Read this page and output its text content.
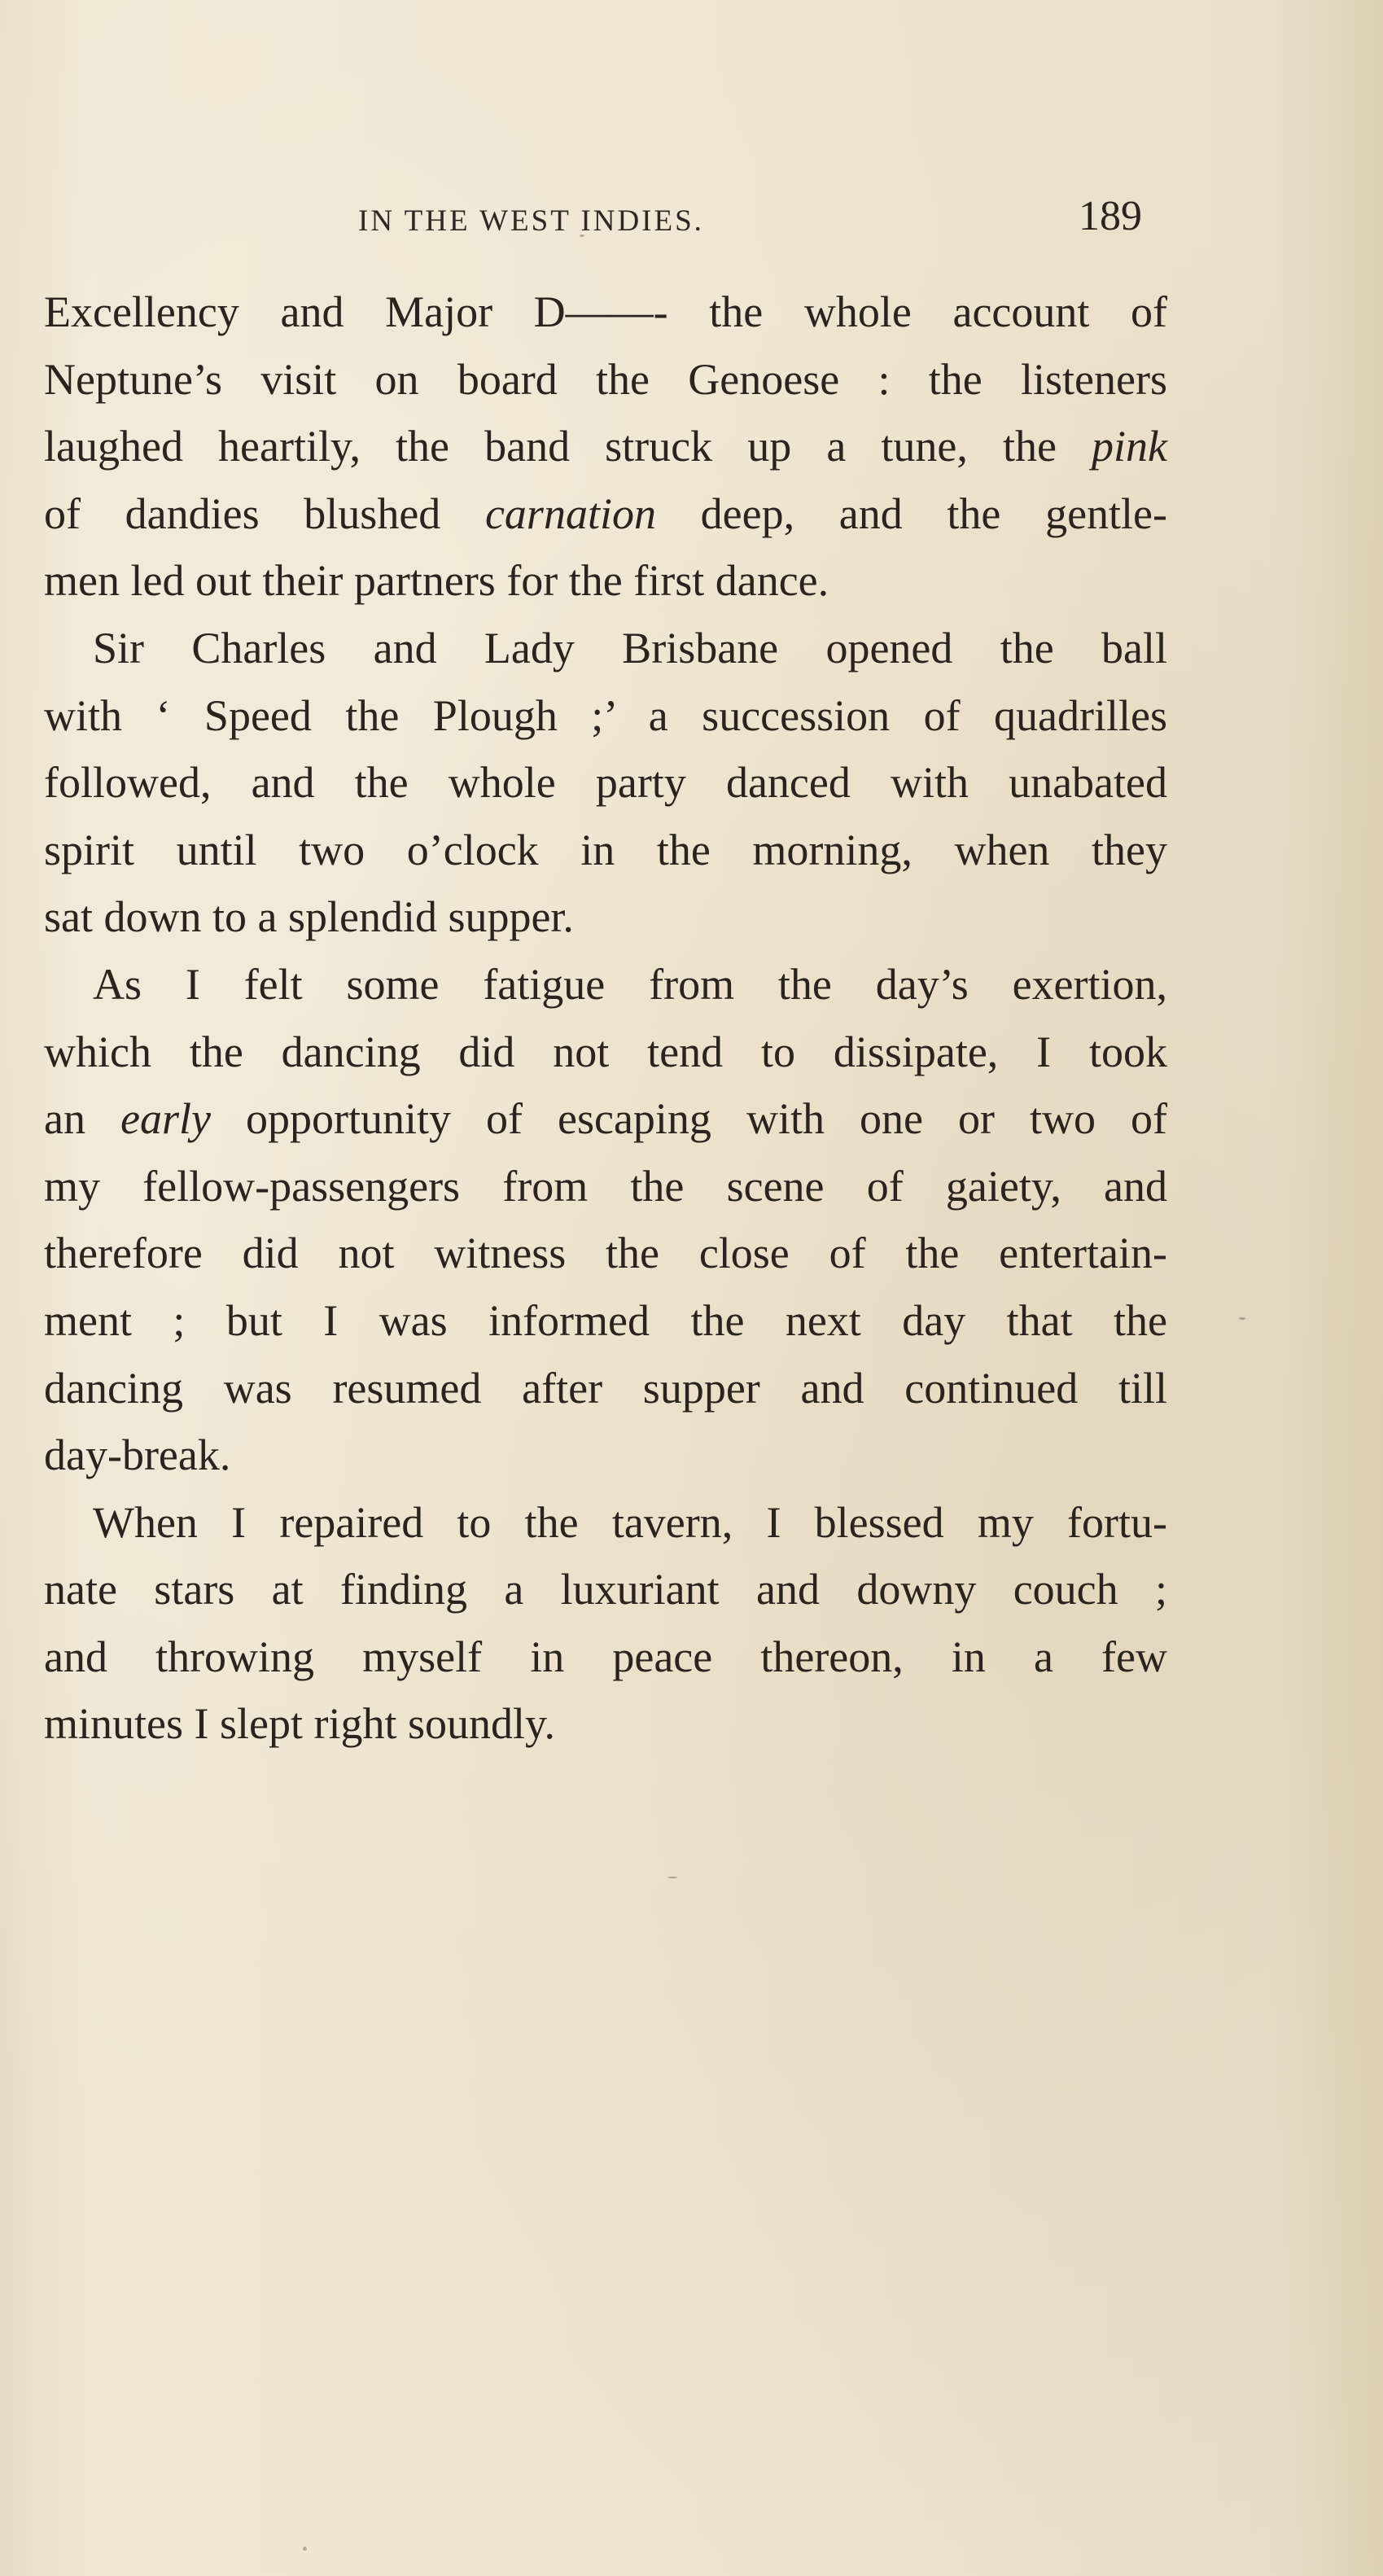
IN THE WEST INDIES.	189
Excellency and Major D——- the whole account of
Neptune’s visit on board the Genoese : the listeners
laughed heartily, the band struck up a tune, the pink
of dandies blushed carnation deep, and the gentle-
men led out their partners for the first dance.
Sir Charles and Lady Brisbane opened the ball
with ‘ Speed the Plough ;’ a succession of quadrilles
followed, and the whole party danced with unabated
spirit until two o’clock in the morning, when they
sat down to a splendid supper.
As I felt some fatigue from the day’s exertion,
which the dancing did not tend to dissipate, I took
an early opportunity of escaping with one or two of
my fellow-passengers from the scene of gaiety, and
therefore did not witness the close of the entertain-
ment ; but I was informed the next day that the
dancing was resumed after supper and continued till
day-break.
When I repaired to the tavern, I blessed my fortu-
nate stars at finding a luxuriant and downy couch ;
and throwing myself in peace thereon, in a few
minutes I slept right soundly.
